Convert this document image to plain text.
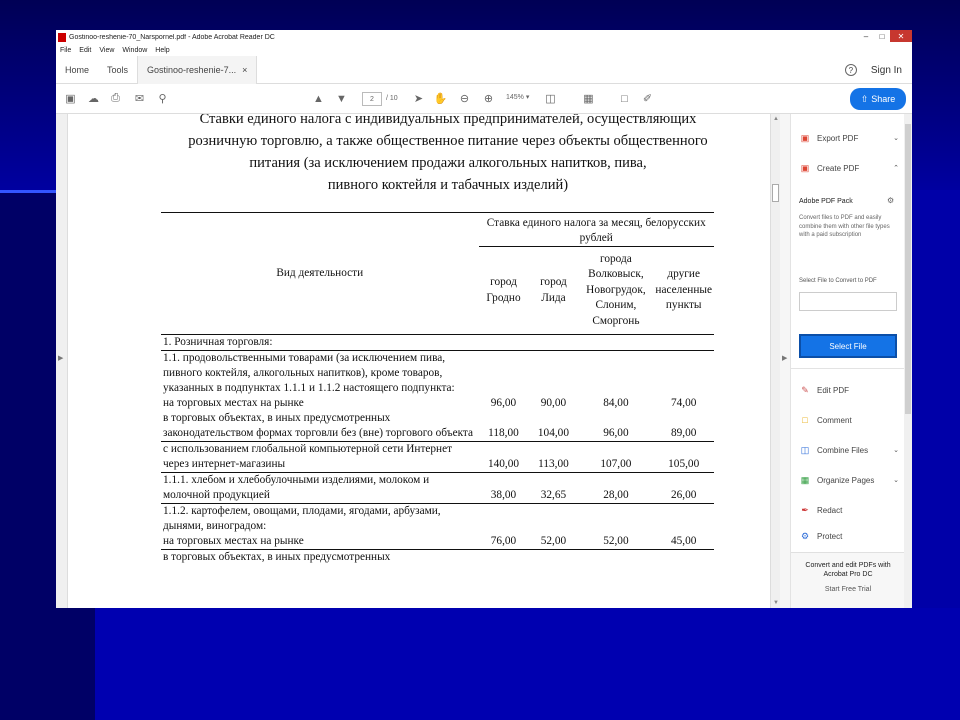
Gostinoo-reshenie-70_Narspornel.pdf - Adobe Acrobat Reader DC	–	□	✕
File Edit View Window Help
Home	Tools	Gostinoo-reshenie-7... ×	?	Sign In
▣ ☁ ⎙ ✉ ⚲	▲ ▼	2	/ 10 ➤ ✋ ⊖ ⊕ 145% ▾ ◫	▦ □ ✐	⇧ Share
▶
Ставки единого налога с индивидуальных предпринимателей, осуществляющих
розничную торговлю, а также общественное питание через объекты общественного
питания (за исключением продажи алкогольных напитков, пива,
пивного коктейля и табачных изделий)
Вид деятельности	Ставка единого налога за месяц, белорусских рублей			
	город Гродно	город Лида	города Волковыск, Новогрудок, Слоним, Сморгонь	другие населенные пункты
1. Розничная торговля:				
1.1. продовольственными товарами (за исключением пива, пивного коктейля, алкогольных напитков), кроме товаров, указанных в подпунктах 1.1.1 и 1.1.2 настоящего подпункта:				
на торговых местах на рынке	96,00	90,00	84,00	74,00
в торговых объектах, в иных предусмотренных законодательством формах торговли без (вне) торгового объекта	118,00	104,00	96,00	89,00
с использованием глобальной компьютерной сети Интернет через интернет-магазины	140,00	113,00	107,00	105,00
1.1.1. хлебом и хлебобулочными изделиями, молоком и молочной продукцией	38,00	32,65	28,00	26,00
1.1.2. картофелем, овощами, плодами, ягодами, арбузами, дынями, виноградом:				
на торговых местах на рынке	76,00	52,00	52,00	45,00
в торговых объектах, в иных предусмотренных				
▲
▼
▶
▣ Export PDF	⌄
▣ Create PDF	⌃
Adobe PDF Pack	⚙
Convert files to PDF and easily combine them with other file types with a paid subscription
Select File to Convert to PDF
Select File
✎ Edit PDF
□	Comment
◫ Combine Files	⌄
▦ Organize Pages	⌄
✒ Redact
⚙ Protect
Convert and edit PDFs with Acrobat Pro DC
Start Free Trial
